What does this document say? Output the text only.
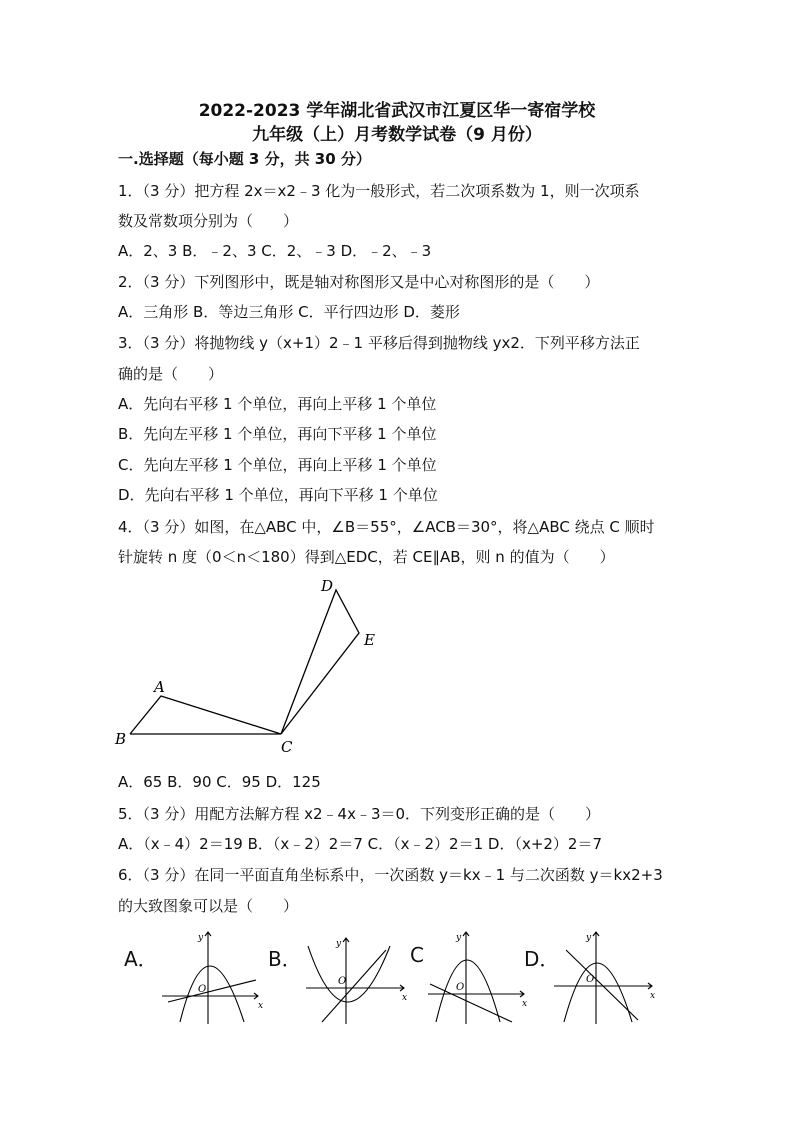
2022-2023 学年湖北省武汉市江夏区华一寄宿学校
九年级（上）月考数学试卷（9 月份）
一.选择题（每小题 3 分，共 30 分）
1．（3 分）把方程 2x＝x2﹣3 化为一般形式，若二次项系数为 1，则一次项系
数及常数项分别为（　　）
A．2、3 B．﹣2、3 C．2、﹣3 D．﹣2、﹣3
2．（3 分）下列图形中，既是轴对称图形又是中心对称图形的是（　　）
A．三角形 B．等边三角形 C．平行四边形 D．菱形
3．（3 分）将抛物线 y（x+1）2﹣1 平移后得到抛物线 yx2．下列平移方法正
确的是（　　）
A．先向右平移 1 个单位，再向上平移 1 个单位
B．先向左平移 1 个单位，再向下平移 1 个单位
C．先向左平移 1 个单位，再向上平移 1 个单位
D．先向右平移 1 个单位，再向下平移 1 个单位
4．（3 分）如图，在△ABC 中，∠B＝55°，∠ACB＝30°，将△ABC 绕点 C 顺时
针旋转 n 度（0＜n＜180）得到△EDC，若 CE∥AB，则 n 的值为（　　）
A
B	C
D
E
A．65 B．90 C．95 D．125
5．（3 分）用配方法解方程 x2﹣4x﹣3＝0．下列变形正确的是（　　）
A．（x﹣4）2＝19 B．（x﹣2）2＝7 C．（x﹣2）2＝1 D．（x+2）2＝7
6．（3 分）在同一平面直角坐标系中，一次函数 y＝kx﹣1 与二次函数 y＝kx2+3
的大致图象可以是（　　）
A．
y
x
O
B．
y
x
O
C
y
x
O
D．
y
x
O
